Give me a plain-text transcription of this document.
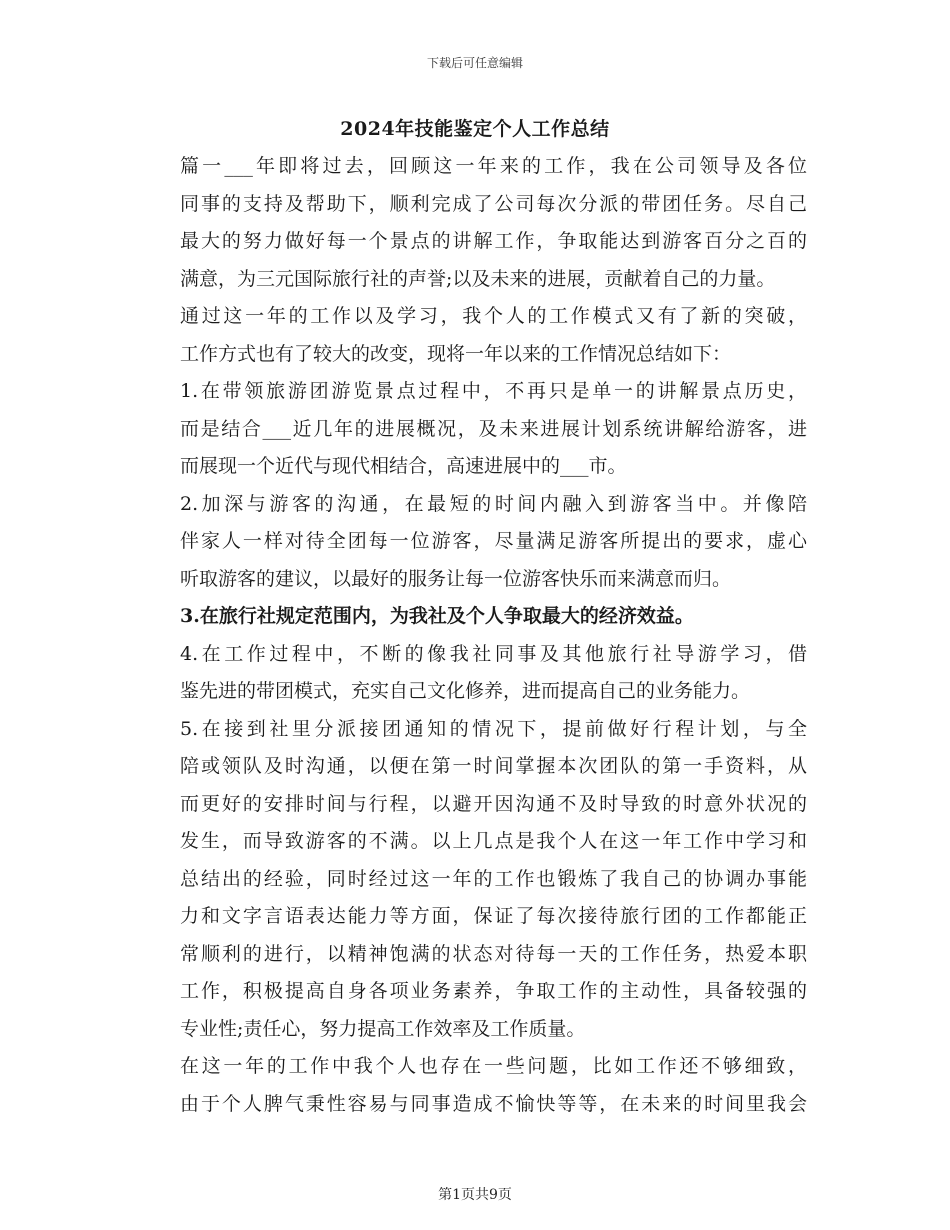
下载后可任意编辑
2024年技能鉴定个人工作总结

篇一___年即将过去，回顾这一年来的工作，我在公司领导及各位
同事的支持及帮助下，顺利完成了公司每次分派的带团任务。尽自己
最大的努力做好每一个景点的讲解工作，争取能达到游客百分之百的
满意，为三元国际旅行社的声誉;以及未来的进展，贡献着自己的力量。

通过这一年的工作以及学习，我个人的工作模式又有了新的突破，
工作方式也有了较大的改变，现将一年以来的工作情况总结如下：

1.在带领旅游团游览景点过程中，不再只是单一的讲解景点历史，
而是结合___近几年的进展概况，及未来进展计划系统讲解给游客，进
而展现一个近代与现代相结合，高速进展中的___市。

2.加深与游客的沟通，在最短的时间内融入到游客当中。并像陪
伴家人一样对待全团每一位游客，尽量满足游客所提出的要求，虚心
听取游客的建议，以最好的服务让每一位游客快乐而来满意而归。

3.在旅行社规定范围内，为我社及个人争取最大的经济效益。

4.在工作过程中，不断的像我社同事及其他旅行社导游学习，借
鉴先进的带团模式，充实自己文化修养，进而提高自己的业务能力。

5.在接到社里分派接团通知的情况下，提前做好行程计划，与全
陪或领队及时沟通，以便在第一时间掌握本次团队的第一手资料，从
而更好的安排时间与行程，以避开因沟通不及时导致的时意外状况的
发生，而导致游客的不满。以上几点是我个人在这一年工作中学习和
总结出的经验，同时经过这一年的工作也锻炼了我自己的协调办事能
力和文字言语表达能力等方面，保证了每次接待旅行团的工作都能正
常顺利的进行，以精神饱满的状态对待每一天的工作任务，热爱本职
工作，积极提高自身各项业务素养，争取工作的主动性，具备较强的
专业性;责任心，努力提高工作效率及工作质量。

在这一年的工作中我个人也存在一些问题，比如工作还不够细致，
由于个人脾气秉性容易与同事造成不愉快等等，在未来的时间里我会

第1页共9页
